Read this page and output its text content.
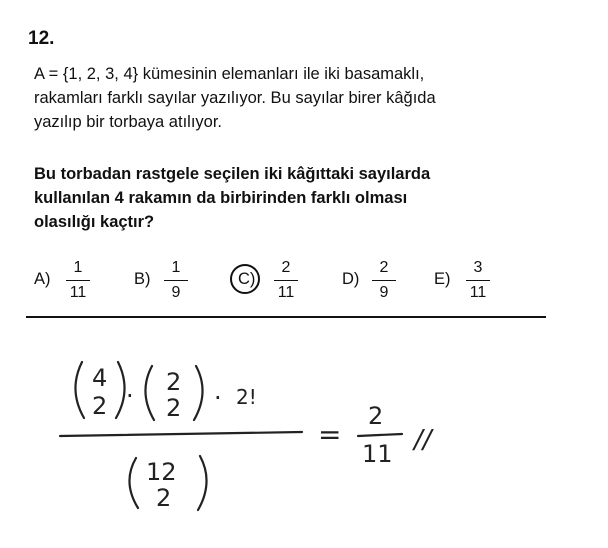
12.
A = {1, 2, 3, 4} kümesinin elemanları ile iki basamaklı,
rakamları farklı sayılar yazılıyor. Bu sayılar birer kâğıda
yazılıp bir torbaya atılıyor.
Bu torbadan rastgele seçilen iki kâğıttaki sayılarda
kullanılan 4 rakamın da birbirinden farklı olması
olasılığı kaçtır?
A)
1
11
B)
1
9
C)
2
11
D)
2
9
E)
3
11
4
2 · 2
2 · 2!
12
2
=
2
11 //
